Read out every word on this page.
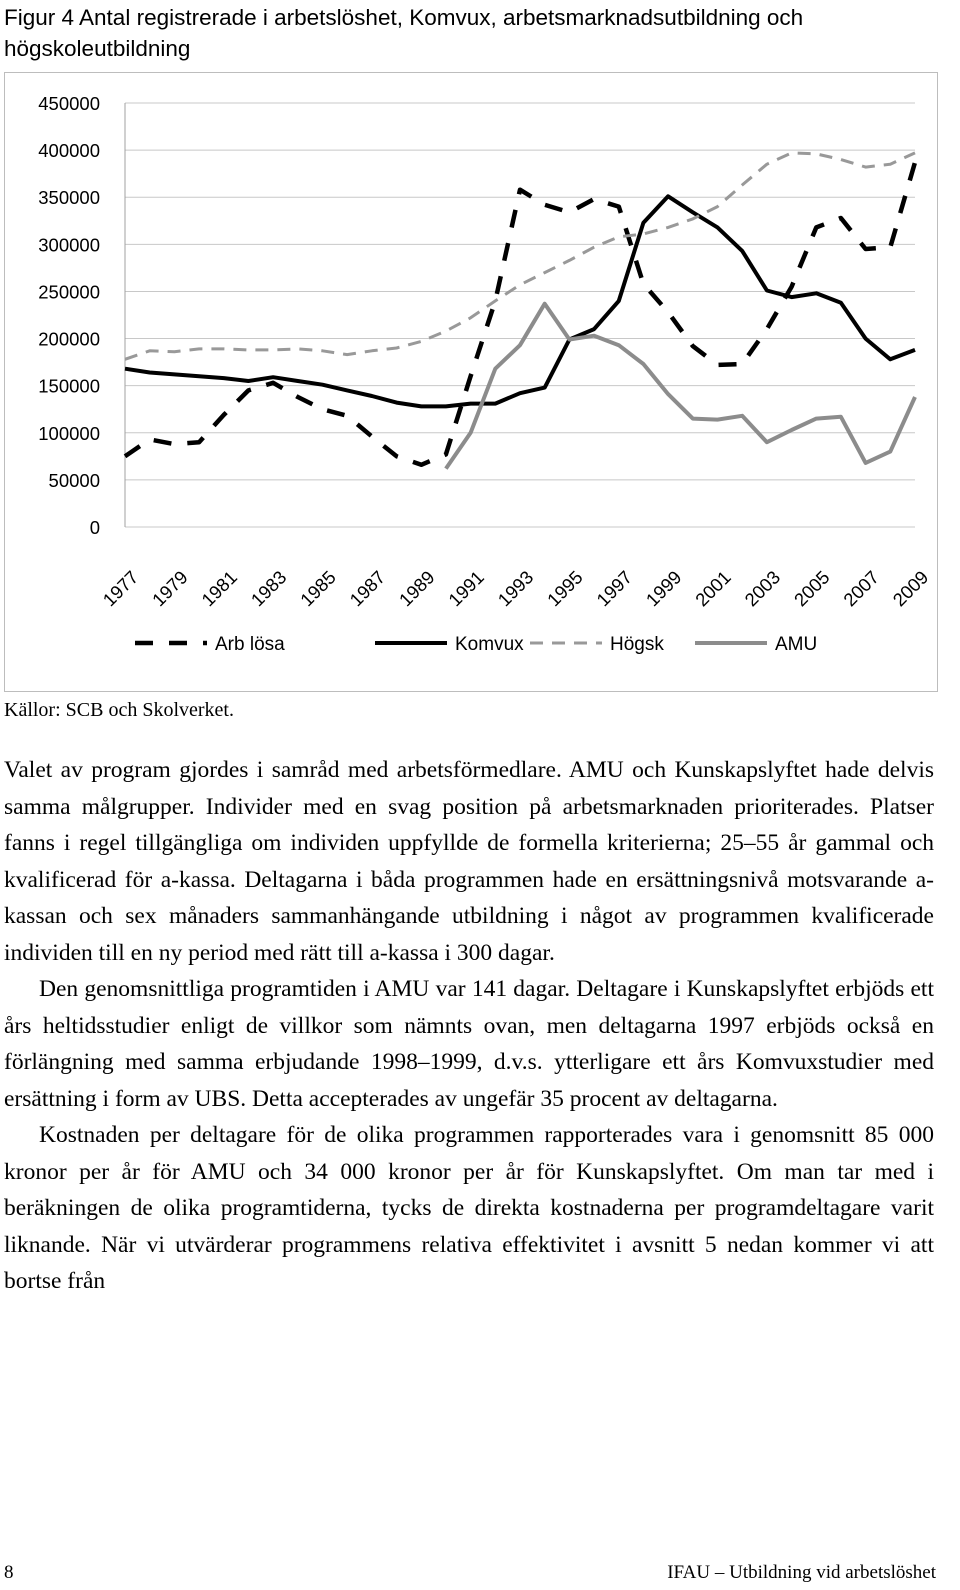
Figur 4 Antal registrerade i arbetslöshet, Komvux, arbetsmarknadsutbildning och högskoleutbildning
0
50000
100000
150000
200000
250000
300000
350000
400000
450000
1977 1979 1981 1983 1985 1987 1989 1991 1993 1995 1997 1999 2001 2003 2005 2007 2009
Arb lösa	Komvux	Högsk	AMU
Källor: SCB och Skolverket.

Valet av program gjordes i samråd med arbetsförmedlare. AMU och Kunskapslyftet hade delvis samma målgrupper. Individer med en svag position på arbetsmarknaden prioriterades. Platser fanns i regel tillgängliga om individen uppfyllde de formella kriterierna; 25–55 år gammal och kvalificerad för a-kassa. Deltagarna i båda programmen hade en ersättningsnivå motsvarande a-kassan och sex månaders sammanhängande utbildning i något av programmen kvalificerade individen till en ny period med rätt till a-kassa i 300 dagar.

Den genomsnittliga programtiden i AMU var 141 dagar. Deltagare i Kunskapslyftet erbjöds ett års heltidsstudier enligt de villkor som nämnts ovan, men deltagarna 1997 erbjöds också en förlängning med samma erbjudande 1998–1999, d.v.s. ytterligare ett års Komvuxstudier med ersättning i form av UBS. Detta accepterades av ungefär 35 procent av deltagarna.

Kostnaden per deltagare för de olika programmen rapporterades vara i genomsnitt 85 000 kronor per år för AMU och 34 000 kronor per år för Kunskapslyftet. Om man tar med i beräkningen de olika programtiderna, tycks de direkta kostnaderna per programdeltagare varit liknande. När vi utvärderar programmens relativa effektivitet i avsnitt 5 nedan kommer vi att bortse från

8	IFAU – Utbildning vid arbetslöshet
